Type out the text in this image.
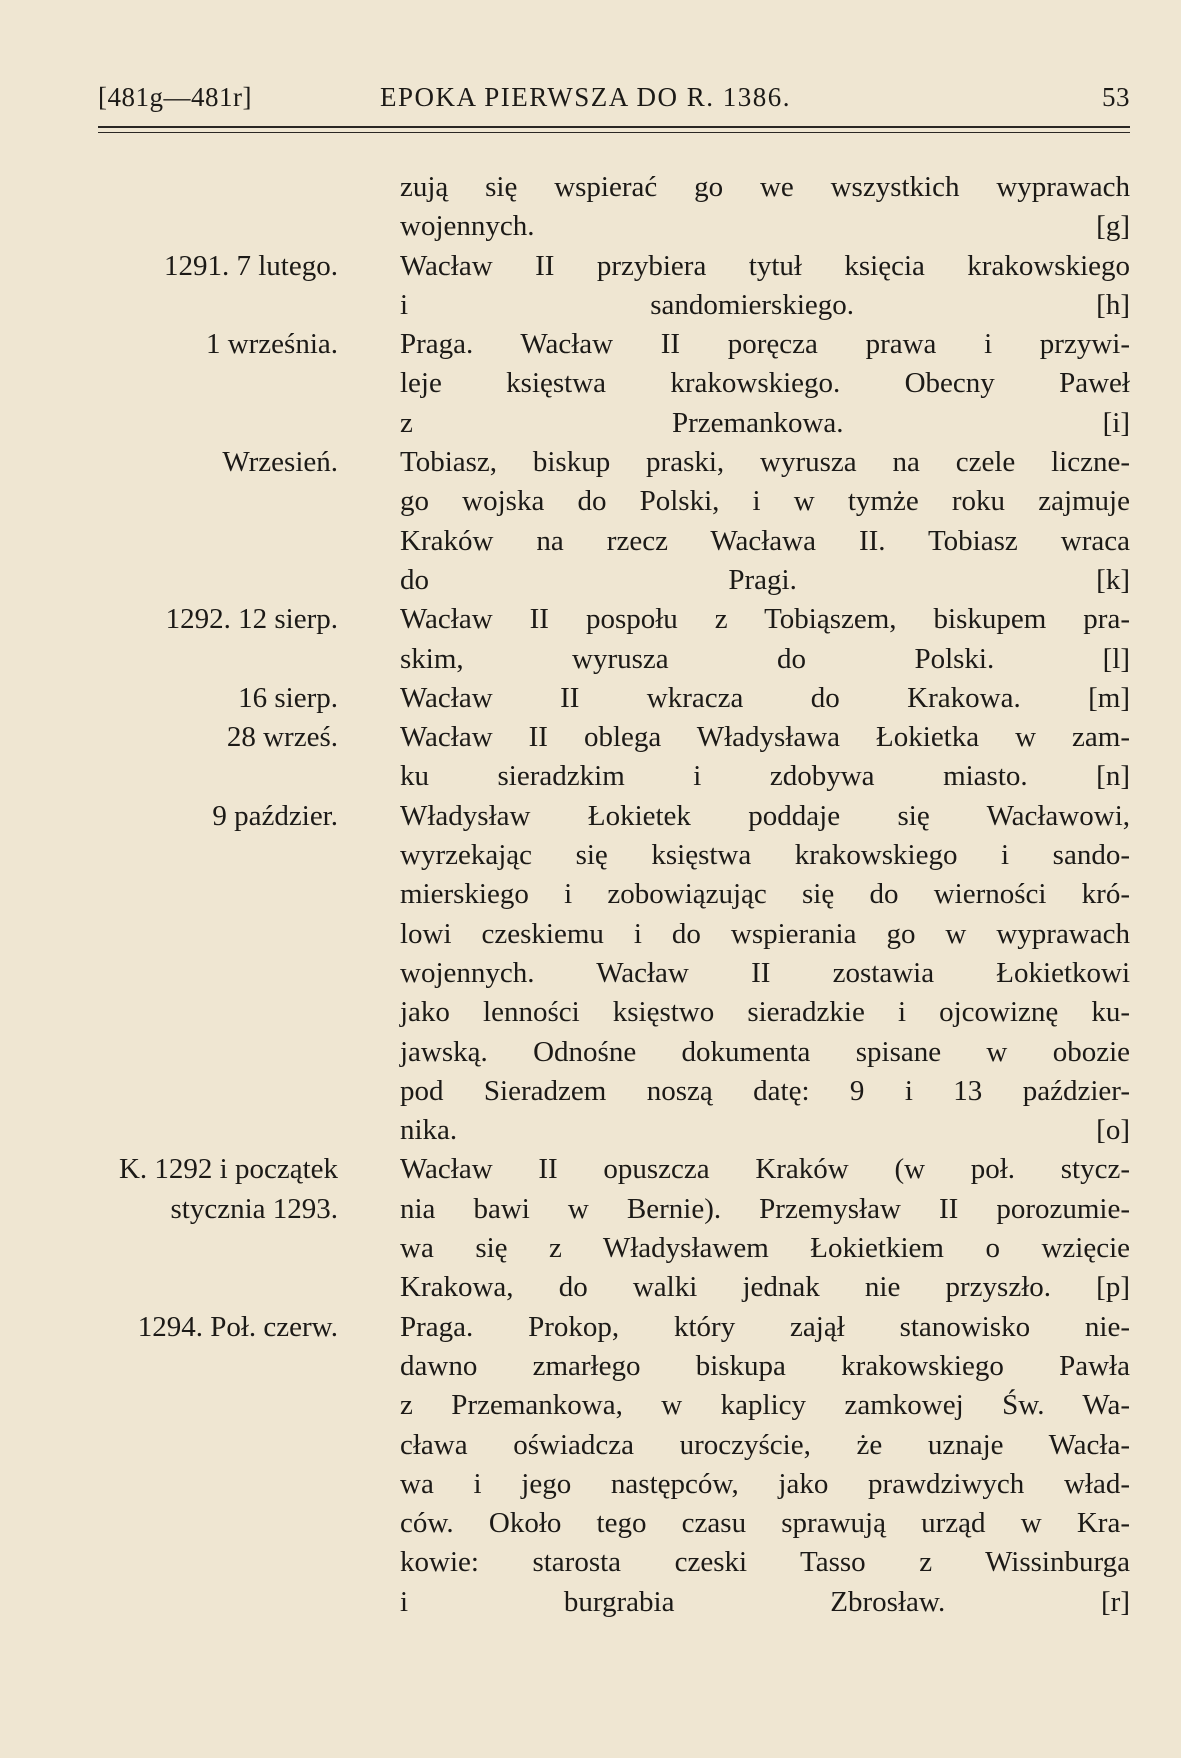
[481g—481r]	EPOKA PIERWSZA DO R. 1386.	53

zują się wspierać go we wszystkich wyprawach
wojennych. [g]
1291. 7 lutego. Wacław II przybiera tytuł księcia krakowskiego
i sandomierskiego. [h]
1 września. Praga. Wacław II poręcza prawa i przywi-
leje księstwa krakowskiego. Obecny Paweł
z Przemankowa. [i]
Wrzesień. Tobiasz, biskup praski, wyrusza na czele liczne-
go wojska do Polski, i w tymże roku zajmuje
Kraków na rzecz Wacława II. Tobiasz wraca
do Pragi. [k]
1292. 12 sierp. Wacław II pospołu z Tobiąszem, biskupem pra-
skim, wyrusza do Polski. [l]
16 sierp. Wacław II wkracza do Krakowa. [m]
28 wrześ. Wacław II oblega Władysława Łokietka w zam-
ku sieradzkim i zdobywa miasto. [n]
9 paździer. Władysław Łokietek poddaje się Wacławowi,
wyrzekając się księstwa krakowskiego i sando-
mierskiego i zobowiązując się do wierności kró-
lowi czeskiemu i do wspierania go w wyprawach
wojennych. Wacław II zostawia Łokietkowi
jako lenności księstwo sieradzkie i ojcowiznę ku-
jawską. Odnośne dokumenta spisane w obozie
pod Sieradzem noszą datę: 9 i 13 paździer-
nika. [o]
K. 1292 i początek
stycznia 1293.
Wacław II opuszcza Kraków (w poł. stycz-
nia bawi w Bernie). Przemysław II porozumie-
wa się z Władysławem Łokietkiem o wzięcie
Krakowa, do walki jednak nie przyszło. [p]
1294. Poł. czerw. Praga. Prokop, który zajął stanowisko nie-
dawno zmarłego biskupa krakowskiego Pawła
z Przemankowa, w kaplicy zamkowej Św. Wa-
cława oświadcza uroczyście, że uznaje Wacła-
wa i jego następców, jako prawdziwych wład-
ców. Około tego czasu sprawują urząd w Kra-
kowie: starosta czeski Tasso z Wissinburga
i burgrabia Zbrosław. [r]
